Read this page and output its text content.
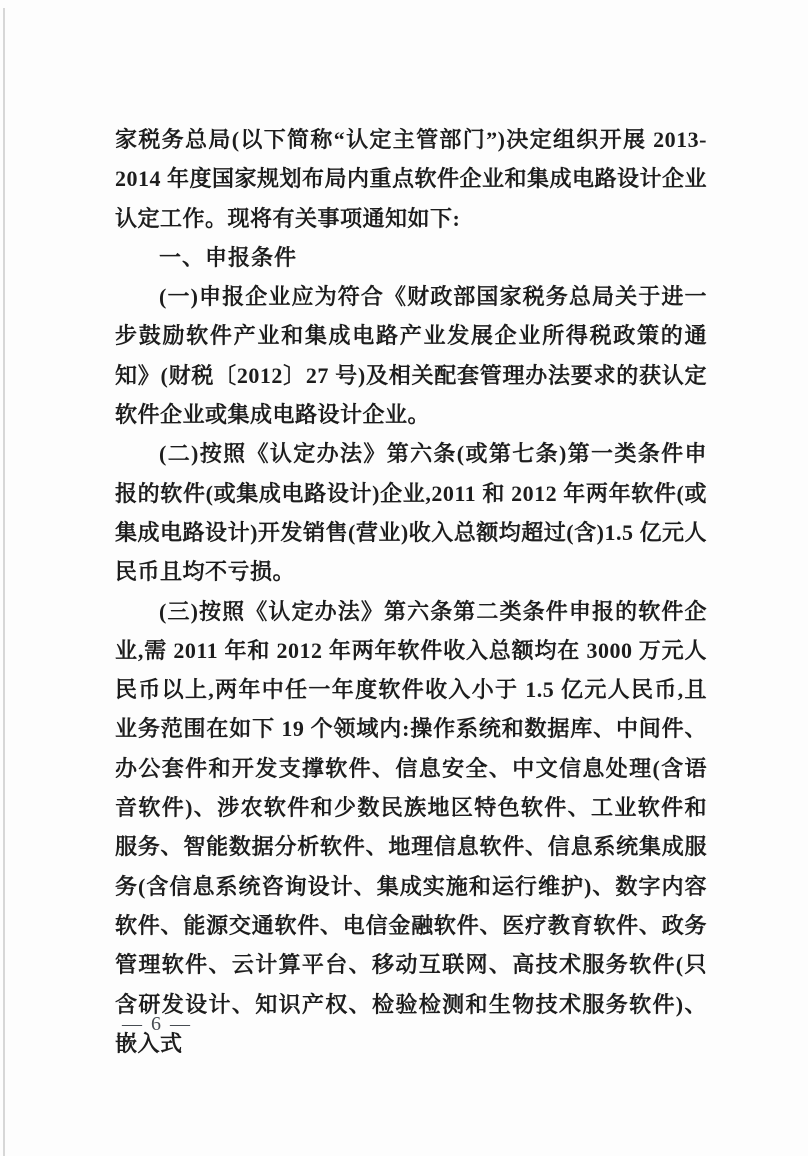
家税务总局(以下简称“认定主管部门”)决定组织开展 2013-2014 年度国家规划布局内重点软件企业和集成电路设计企业认定工作。现将有关事项通知如下:

一、申报条件

(一)申报企业应为符合《财政部国家税务总局关于进一步鼓励软件产业和集成电路产业发展企业所得税政策的通知》(财税〔2012〕27 号)及相关配套管理办法要求的获认定软件企业或集成电路设计企业。

(二)按照《认定办法》第六条(或第七条)第一类条件申报的软件(或集成电路设计)企业,2011 和 2012 年两年软件(或集成电路设计)开发销售(营业)收入总额均超过(含)1.5 亿元人民币且均不亏损。

(三)按照《认定办法》第六条第二类条件申报的软件企业,需 2011 年和 2012 年两年软件收入总额均在 3000 万元人民币以上,两年中任一年度软件收入小于 1.5 亿元人民币,且业务范围在如下 19 个领域内:操作系统和数据库、中间件、办公套件和开发支撑软件、信息安全、中文信息处理(含语音软件)、涉农软件和少数民族地区特色软件、工业软件和服务、智能数据分析软件、地理信息软件、信息系统集成服务(含信息系统咨询设计、集成实施和运行维护)、数字内容软件、能源交通软件、电信金融软件、医疗教育软件、政务管理软件、云计算平台、移动互联网、高技术服务软件(只含研发设计、知识产权、检验检测和生物技术服务软件)、嵌入式

— 6 —
